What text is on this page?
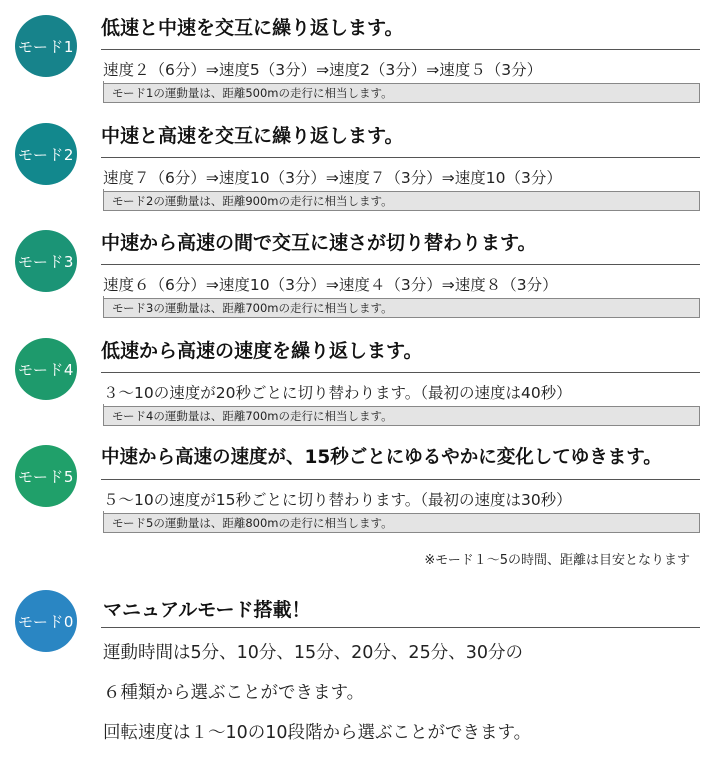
モード1
低速と中速を交互に繰り返します。
速度２（6分）⇒速度5（3分）⇒速度2（3分）⇒速度５（3分）
モード1の運動量は、距離500mの走行に相当します。
モード2
中速と高速を交互に繰り返します。
速度７（6分）⇒速度10（3分）⇒速度７（3分）⇒速度10（3分）
モード2の運動量は、距離900mの走行に相当します。
モード3
中速から高速の間で交互に速さが切り替わります。
速度６（6分）⇒速度10（3分）⇒速度４（3分）⇒速度８（3分）
モード3の運動量は、距離700mの走行に相当します。
モード4
低速から高速の速度を繰り返します。
３～10の速度が20秒ごとに切り替わります。（最初の速度は40秒）
モード4の運動量は、距離700mの走行に相当します。
モード5
中速から高速の速度が、15秒ごとにゆるやかに変化してゆきます。
５～10の速度が15秒ごとに切り替わります。（最初の速度は30秒）
モード5の運動量は、距離800mの走行に相当します。
※モード１～5の時間、距離は目安となります
モード0
マニュアルモード搭載！
運動時間は5分、10分、15分、20分、25分、30分の
６種類から選ぶことができます。
回転速度は１～10の10段階から選ぶことができます。
